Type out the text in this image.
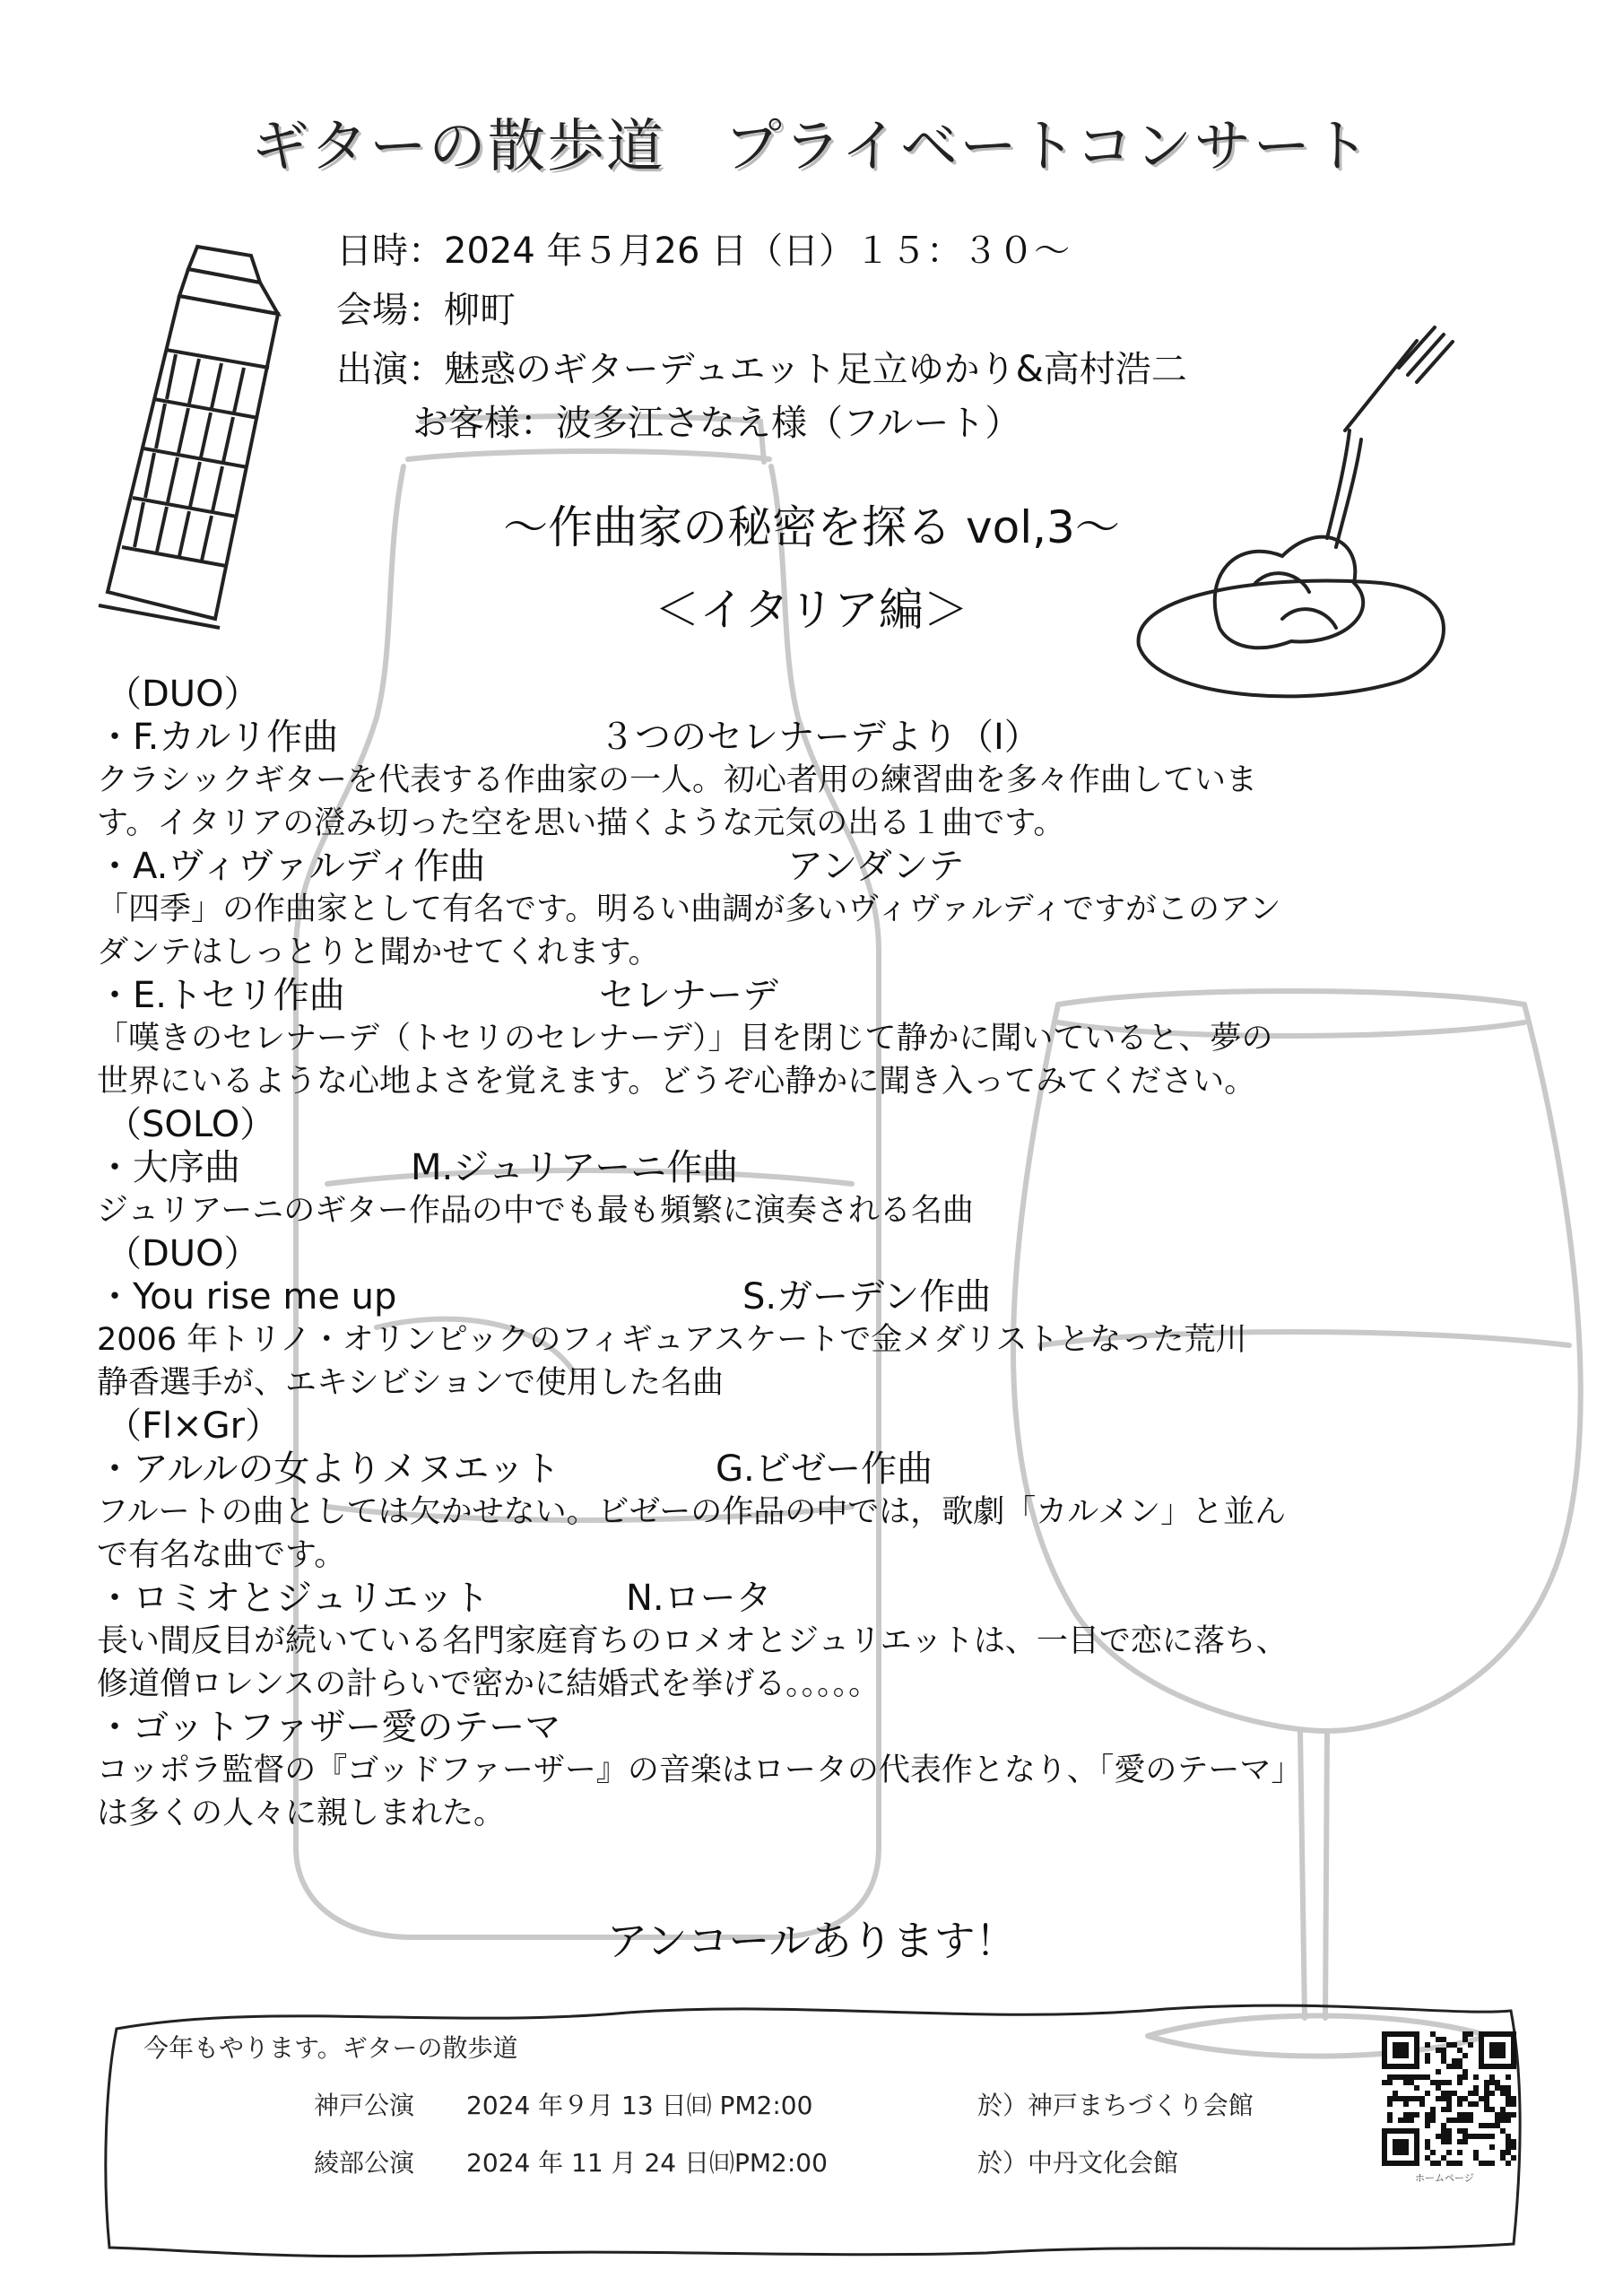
ギターの散歩道　プライベートコンサート
日時：2024 年５月26 日（日）１５：３０～
会場：柳町
出演：魅惑のギターデュエット足立ゆかり&高村浩二
お客様：波多江さなえ様（フルート）
～作曲家の秘密を探る vol,3～
＜イタリア編＞
（DUO）
・F.カルリ作曲	３つのセレナーデより（Ⅰ）
クラシックギターを代表する作曲家の一人。初心者用の練習曲を多々作曲していま
す。イタリアの澄み切った空を思い描くような元気の出る１曲です。
・A.ヴィヴァルディ作曲	アンダンテ
「四季」の作曲家として有名です。明るい曲調が多いヴィヴァルディですがこのアン
ダンテはしっとりと聞かせてくれます。
・E.トセリ作曲	セレナーデ
「嘆きのセレナーデ（トセリのセレナーデ）」目を閉じて静かに聞いていると、夢の
世界にいるような心地よさを覚えます。どうぞ心静かに聞き入ってみてください。
（SOLO）
・大序曲	M.ジュリアーニ作曲
ジュリアーニのギター作品の中でも最も頻繁に演奏される名曲
（DUO）
・You rise me up	S.ガーデン作曲
2006 年トリノ・オリンピックのフィギュアスケートで金メダリストとなった荒川
静香選手が、エキシビションで使用した名曲
（Fl×Gr）
・アルルの女よりメヌエット	G.ビゼー作曲
フルートの曲としては欠かせない。ビゼーの作品の中では，歌劇「カルメン」と並ん
で有名な曲です。
・ロミオとジュリエット	N.ロータ
長い間反目が続いている名門家庭育ちのロメオとジュリエットは、一目で恋に落ち、
修道僧ロレンスの計らいで密かに結婚式を挙げる。。。。。
・ゴットファザー愛のテーマ
コッポラ監督の『ゴッドファーザー』の音楽はロータの代表作となり、「愛のテーマ」
は多くの人々に親しまれた。
アンコールあります！
今年もやります。ギターの散歩道
神戸公演 2024 年９月 13 日㈰ PM2:00	於）神戸まちづくり会館
綾部公演 2024 年 11 月 24 日㈰PM2:00	於）中丹文化会館
ホームページ
